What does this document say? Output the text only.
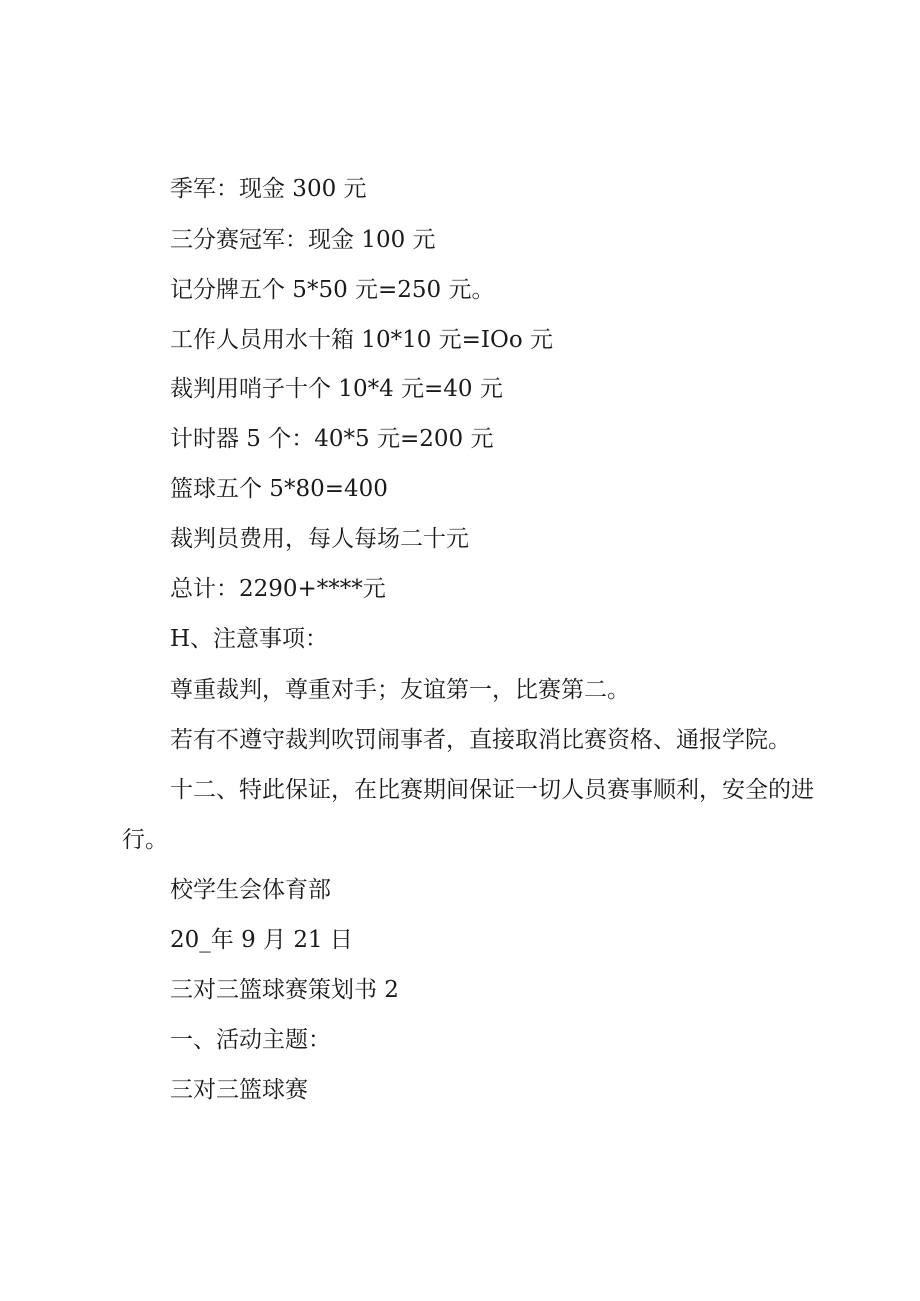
季军：现金 300 元

三分赛冠军：现金 100 元

记分牌五个 5*50 元=250 元。

工作人员用水十箱 10*10 元=IOo 元

裁判用哨子十个 10*4 元=40 元

计时器 5 个：40*5 元=200 元

篮球五个 5*80=400

裁判员费用，每人每场二十元

总计：2290+****元

H、注意事项：

尊重裁判，尊重对手；友谊第一，比赛第二。

若有不遵守裁判吹罚闹事者，直接取消比赛资格、通报学院。

十二、特此保证，在比赛期间保证一切人员赛事顺利，安全的进

行。

校学生会体育部

20_年 9 月 21 日

三对三篮球赛策划书 2

一、活动主题：

三对三篮球赛
